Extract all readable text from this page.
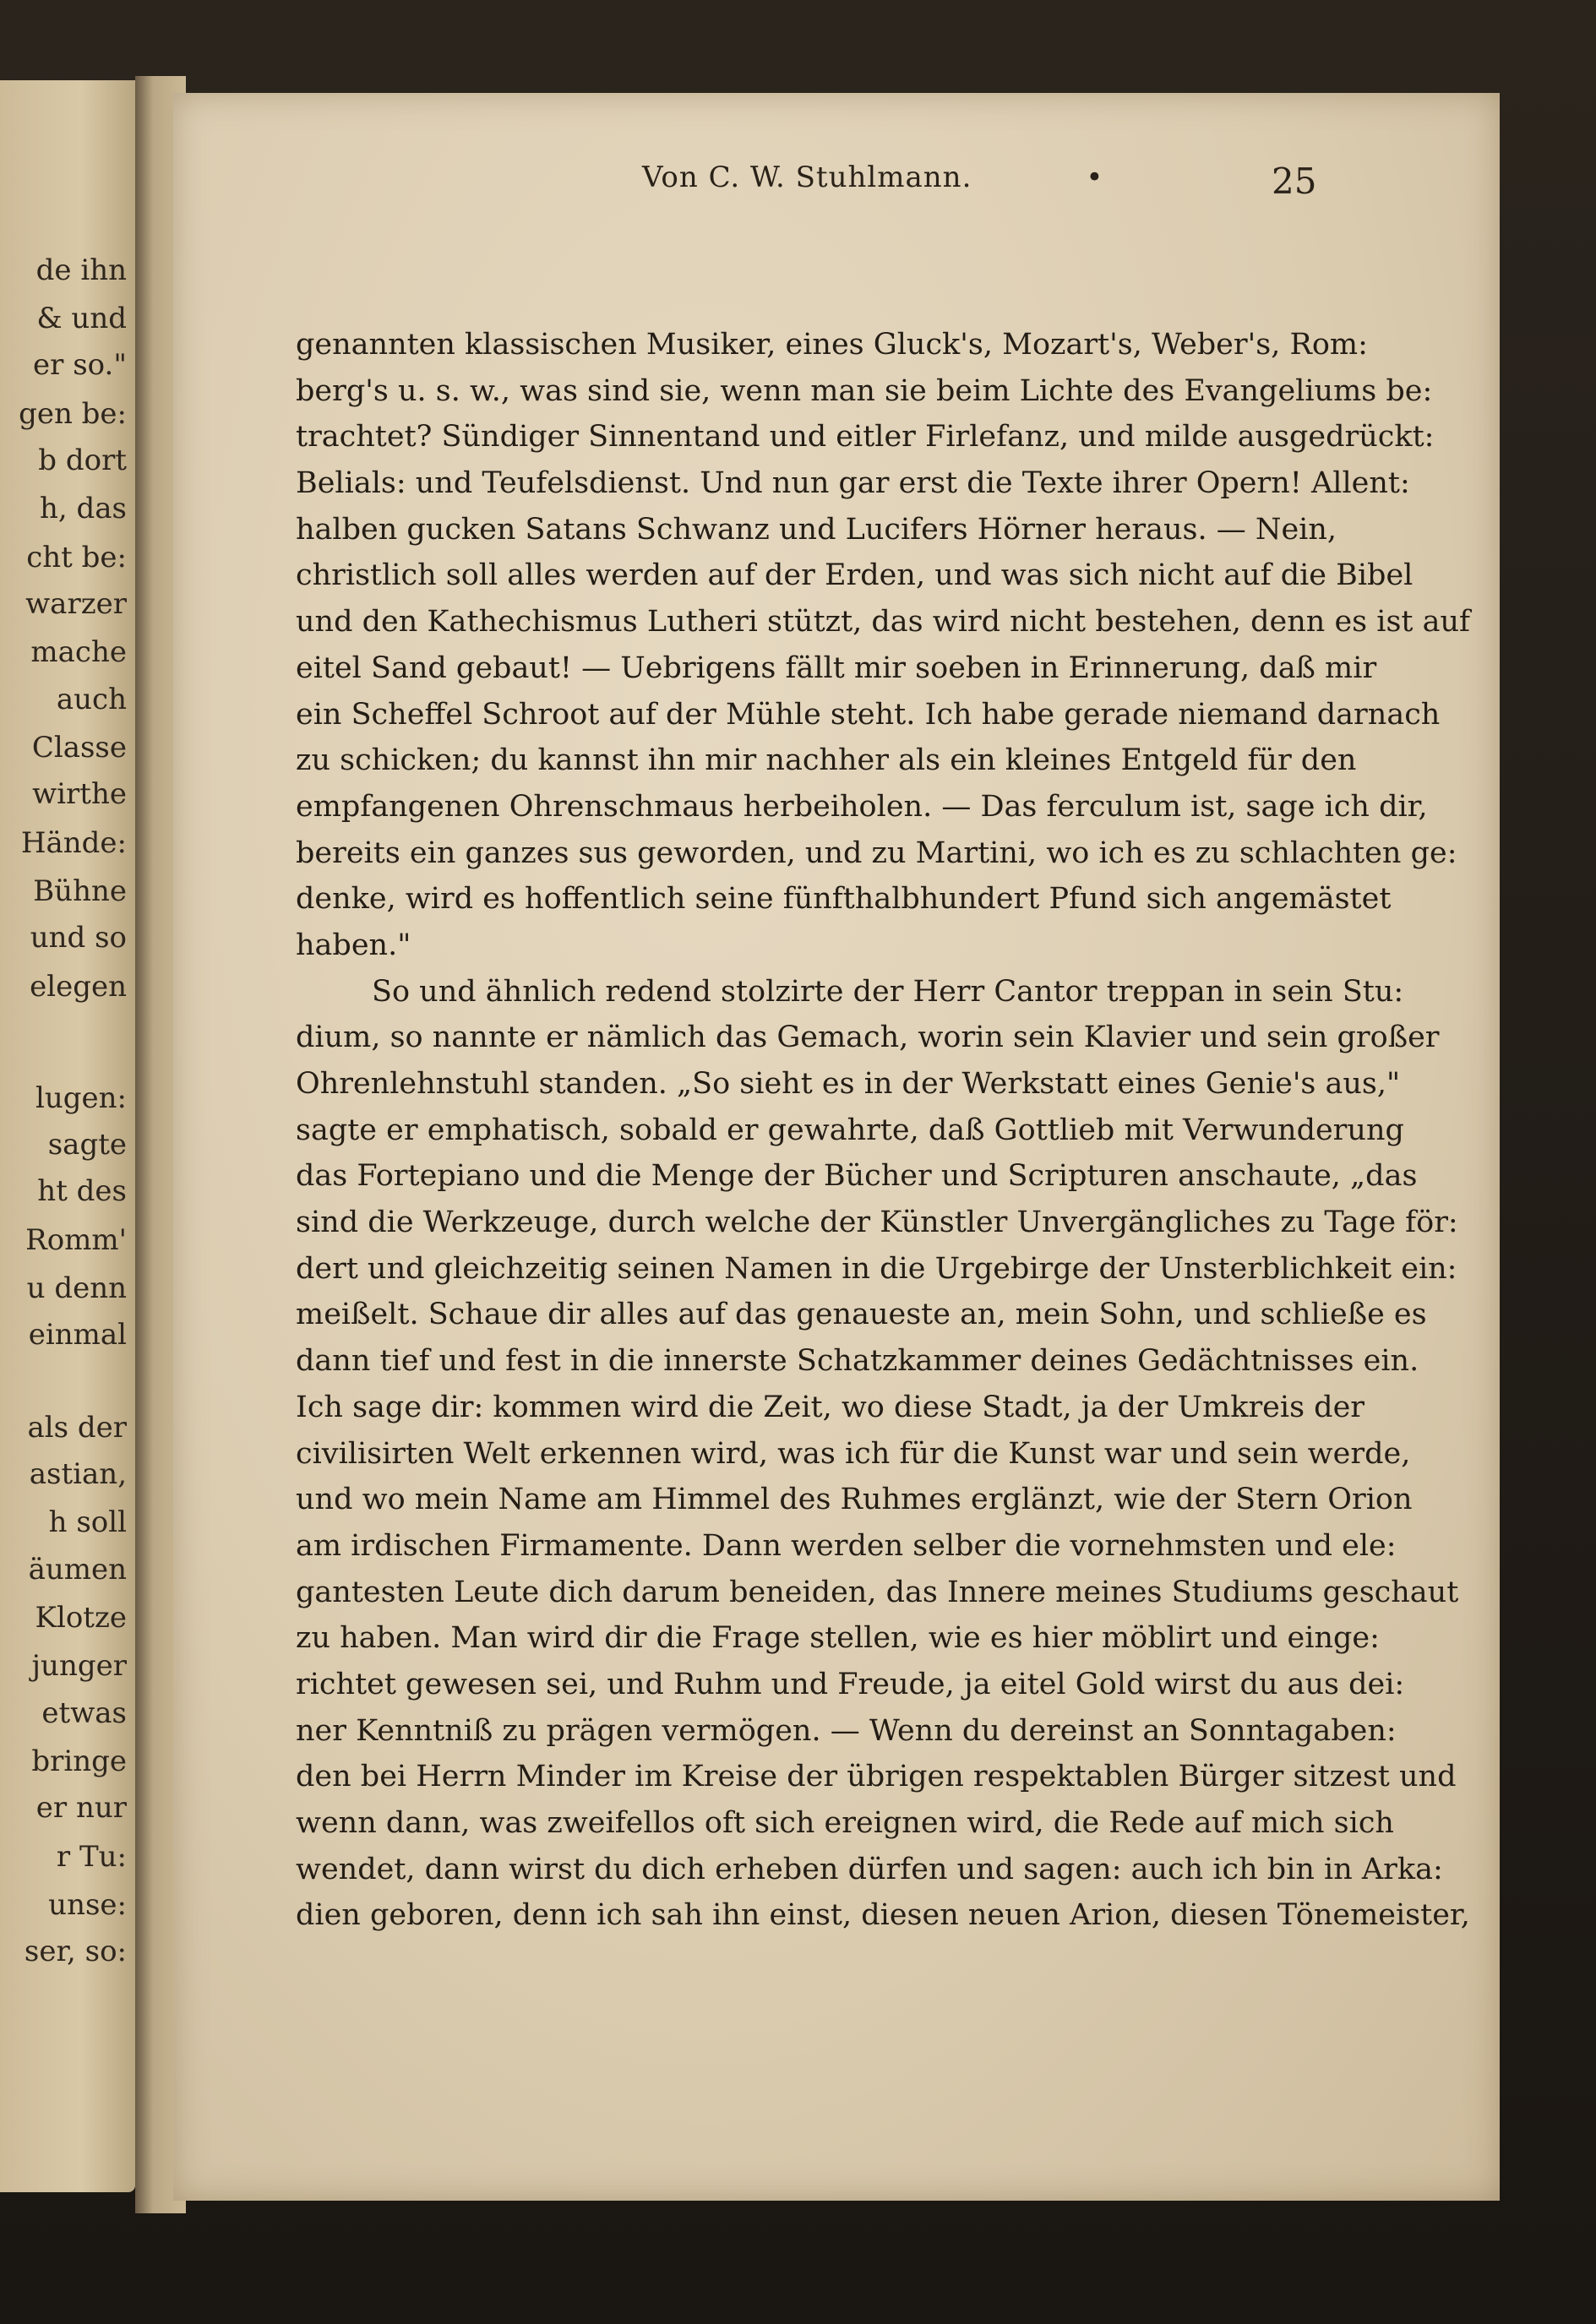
de ihn
& und
er so."
gen be:
b dort
h, das
cht be:
warzer
mache
auch
Classe
wirthe
Hände:
Bühne
und so
elegen
lugen:
sagte
ht des
Romm'
u denn
einmal
als der
astian,
h soll
äumen
Klotze
junger
etwas
bringe
er nur
r Tu:
unse:
ser, so:
Von C. W. Stuhlmann.	•	25
genannten klassischen Musiker, eines Gluck's, Mozart's, Weber's, Rom:
berg's u. s. w., was sind sie, wenn man sie beim Lichte des Evangeliums be:
trachtet? Sündiger Sinnentand und eitler Firlefanz, und milde ausgedrückt:
Belials: und Teufelsdienst. Und nun gar erst die Texte ihrer Opern! Allent:
halben gucken Satans Schwanz und Lucifers Hörner heraus. — Nein,
christlich soll alles werden auf der Erden, und was sich nicht auf die Bibel
und den Kathechismus Lutheri stützt, das wird nicht bestehen, denn es ist auf
eitel Sand gebaut! — Uebrigens fällt mir soeben in Erinnerung, daß mir
ein Scheffel Schroot auf der Mühle steht. Ich habe gerade niemand darnach
zu schicken; du kannst ihn mir nachher als ein kleines Entgeld für den
empfangenen Ohrenschmaus herbeiholen. — Das ferculum ist, sage ich dir,
bereits ein ganzes sus geworden, und zu Martini, wo ich es zu schlachten ge:
denke, wird es hoffentlich seine fünfthalbhundert Pfund sich angemästet
haben."
So und ähnlich redend stolzirte der Herr Cantor treppan in sein Stu:
dium, so nannte er nämlich das Gemach, worin sein Klavier und sein großer
Ohrenlehnstuhl standen. „So sieht es in der Werkstatt eines Genie's aus,"
sagte er emphatisch, sobald er gewahrte, daß Gottlieb mit Verwunderung
das Fortepiano und die Menge der Bücher und Scripturen anschaute, „das
sind die Werkzeuge, durch welche der Künstler Unvergängliches zu Tage för:
dert und gleichzeitig seinen Namen in die Urgebirge der Unsterblichkeit ein:
meißelt. Schaue dir alles auf das genaueste an, mein Sohn, und schließe es
dann tief und fest in die innerste Schatzkammer deines Gedächtnisses ein.
Ich sage dir: kommen wird die Zeit, wo diese Stadt, ja der Umkreis der
civilisirten Welt erkennen wird, was ich für die Kunst war und sein werde,
und wo mein Name am Himmel des Ruhmes erglänzt, wie der Stern Orion
am irdischen Firmamente. Dann werden selber die vornehmsten und ele:
gantesten Leute dich darum beneiden, das Innere meines Studiums geschaut
zu haben. Man wird dir die Frage stellen, wie es hier möblirt und einge:
richtet gewesen sei, und Ruhm und Freude, ja eitel Gold wirst du aus dei:
ner Kenntniß zu prägen vermögen. — Wenn du dereinst an Sonntagaben:
den bei Herrn Minder im Kreise der übrigen respektablen Bürger sitzest und
wenn dann, was zweifellos oft sich ereignen wird, die Rede auf mich sich
wendet, dann wirst du dich erheben dürfen und sagen: auch ich bin in Arka:
dien geboren, denn ich sah ihn einst, diesen neuen Arion, diesen Tönemeister,
